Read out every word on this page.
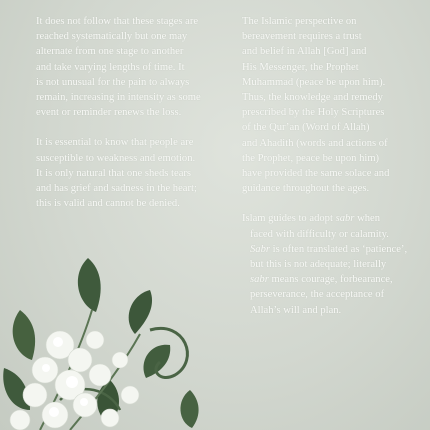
It does not follow that these stages are
reached systematically but one may
alternate from one stage to another
and take varying lengths of time. It
is not unusual for the pain to always
remain, increasing in intensity as some
event or reminder renews the loss.

It is essential to know that people are
susceptible to weakness and emotion.
It is only natural that one sheds tears
and has grief and sadness in the heart;
this is valid and cannot be denied.

The Islamic perspective on
bereavement requires a trust
and belief in Allah [God] and
His Messenger, the Prophet
Muhammad (peace be upon him).
Thus, the knowledge and remedy
prescribed by the Holy Scriptures
of the Qur’an (Word of Allah)
and Ahadith (words and actions of
the Prophet, peace be upon him)
have provided the same solace and
guidance throughout the ages.

Islam guides to adopt sabr when
faced with difficulty or calamity.
Sabr is often translated as ‘patience’,
but this is not adequate; literally
sabr means courage, forbearance,
perseverance, the acceptance of
Allah’s will and plan.
